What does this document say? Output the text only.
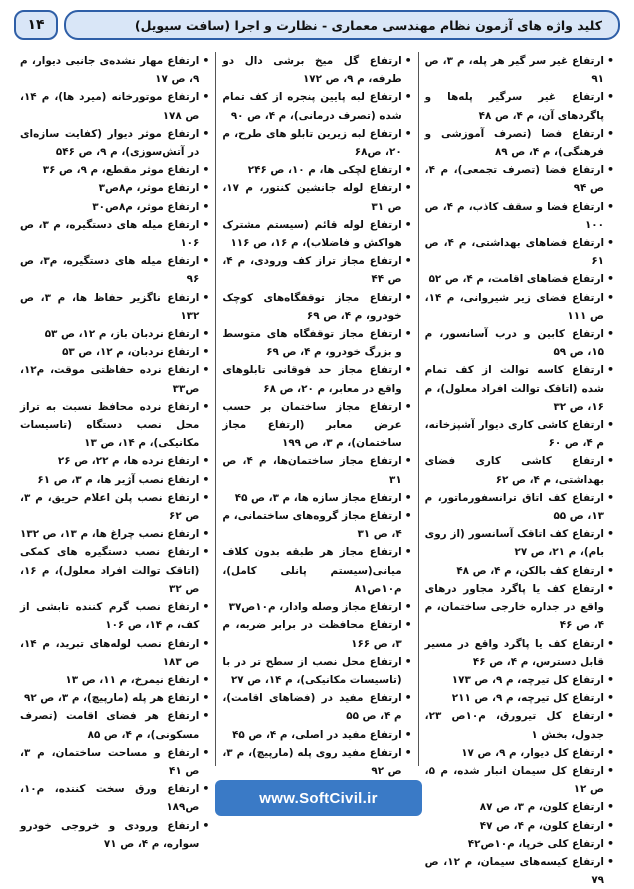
۱۴	کلید واژه های آزمون نظام مهندسی معماری - نظارت و اجرا (سافت سیویل)

• ارتفاع غیر سر گیر هر پله، م ۳، ص ۹۱

• ارتفاع غیر سرگیر پله‌ها و پاگردهای آن، م ۴، ص ۴۸

• ارتفاع فضا (تصرف آموزشی و فرهنگی)، م ۴، ص ۸۹

• ارتفاع فضا (تصرف تجمعی)، م ۴، ص ۹۴

• ارتفاع فضا و سقف کاذب، م ۴، ص ۱۰۰

• ارتفاع فضاهای بهداشتی، م ۴، ص ۶۱

• ارتفاع فضاهای اقامت، م ۴، ص ۵۲

• ارتفاع فضای زیر شیروانی، م ۱۴، ص ۱۱۱

• ارتفاع کابین و درب آسانسور، م ۱۵، ص ۵۹

• ارتفاع کاسه توالت از کف تمام شده (اتاقک توالت افراد معلول)، م ۱۶، ص ۳۲

• ارتفاع کاشی کاری دیوار آشپزخانه، م ۴، ص ۶۰

• ارتفاع کاشی کاری فضای بهداشتی، م ۴، ص ۶۲

• ارتفاع کف اتاق ترانسفورماتور، م ۱۳، ص ۵۵

• ارتفاع کف اتاقک آسانسور (از روی بام)، م ۲۱، ص ۲۷

• ارتفاع کف بالکن، م ۴، ص ۴۸

• ارتفاع کف یا پاگرد مجاور درهای واقع در جداره خارجی ساختمان، م ۴، ص ۴۶

• ارتفاع کف یا پاگرد واقع در مسیر قابل دسترس، م ۴، ص ۴۶

• ارتفاع کل تیرچه، م ۹، ص ۱۷۳

• ارتفاع کل تیرچه، م ۹، ص ۲۱۱

• ارتفاع کل تیرورق، م۱۰ص ۲۳، جدول، بخش ۱

• ارتفاع کل دیوار، م ۹، ص ۱۷

• ارتفاع کل سیمان انبار شده، م ۵، ص ۱۲

• ارتفاع کلون، م ۳، ص ۸۷

• ارتفاع کلون، م ۴، ص ۴۷

• ارتفاع کلی خرپا، م۱۰ص۴۲

• ارتفاع کیسه‌های سیمان، م ۱۲، ص ۷۹

• ارتفاع گل میخ برشی دال دو طرفه، م ۹، ص ۱۷۲

• ارتفاع لبه پایین پنجره از کف تمام شده (تصرف درمانی)، م ۴، ص ۹۰

• ارتفاع لبه زیرین تابلو های طرح، م ۲۰، ص۶۸

• ارتفاع لچکی ها، م ۱۰، ص ۲۴۶

• ارتفاع لوله جانشین کنتور، م ۱۷، ص ۳۱

• ارتفاع لوله قائم (سیستم مشترک هواکش و فاضلاب)، م ۱۶، ص ۱۱۶

• ارتفاع مجاز تراز کف ورودی، م ۴، ص ۴۴

• ارتفاع مجاز توقفگاه‌های کوچک خودرو، م ۴، ص ۶۹

• ارتفاع مجاز توقفگاه های متوسط و بزرگ خودرو، م ۴، ص ۶۹

• ارتفاع مجاز حد فوقانی تابلوهای واقع در معابر، م ۲۰، ص ۶۸

• ارتفاع مجاز ساختمان بر حسب عرض معابر (ارتفاع مجاز ساختمان)، م ۳، ص ۱۹۹

• ارتفاع مجاز ساختمان‌ها، م ۴، ص ۳۱

• ارتفاع مجاز سازه ها، م ۳، ص ۴۵

• ارتفاع مجاز گروه‌های ساختمانی، م ۴، ص ۳۱

• ارتفاع مجاز هر طبقه بدون کلاف میانی(سیستم پانلی کامل)، م۱۰ص۸۱

• ارتفاع مجاز وصله وادار، م۱۰ص۳۷

• ارتفاع محافظت در برابر ضربه، م ۳، ص ۱۶۶

• ارتفاع محل نصب از سطح تر در با (تاسیسات مکانیکی)، م ۱۴، ص ۲۷

• ارتفاع مفید در (فضاهای اقامت)، م ۴، ص ۵۵

• ارتفاع مفید در اصلی، م ۴، ص ۴۵

• ارتفاع مفید روی پله (مارپیچ)، م ۳، ص ۹۲

• ارتفاع مهار نشده‌ی جانبی دیوار، م ۹، ص ۱۷

• ارتفاع موتورخانه (میرد ها)، م ۱۴، ص ۱۷۸

• ارتفاع موثر دیوار (کفایت سازه‌ای در آتش‌سوزی)، م ۹، ص ۵۴۶

• ارتفاع موثر مقطع، م ۹، ص ۳۶

• ارتفاع موثر، م۸ص۳

• ارتفاع موثر، م۸ص۳۰

• ارتفاع میله های دستگیره، م ۳، ص ۱۰۶

• ارتفاع میله های دستگیره، م۳، ص ۹۶

• ارتفاع نا‌گزیر حفاظ ها، م ۳، ص ۱۳۲

• ارتفاع نردبان باز، م ۱۲، ص ۵۳

• ارتفاع نردبان، م ۱۲، ص ۵۳

• ارتفاع نرده حفاظتی موقت، م۱۲، ص۳۳

• ارتفاع نرده محافظ نسبت به تراز محل نصب دستگاه (تاسیسات مکانیکی)، م ۱۴، ص ۱۳

• ارتفاع نرده ها، م ۲۲، ص ۲۶

• ارتفاع نصب آژیر ها، م ۳، ص ۶۱

• ارتفاع نصب پلن اعلام حریق، م ۳، ص ۶۲

• ارتفاع نصب چراغ ها، م ۱۳، ص ۱۳۲

• ارتفاع نصب دستگیره های کمکی (اتاقک توالت افراد معلول)، م ۱۶، ص ۳۲

• ارتفاع نصب گرم کننده تابشی از کف، م ۱۴، ص ۱۰۶

• ارتفاع نصب لوله‌های تبرید، م ۱۴، ص ۱۸۳

• ارتفاع نیمرخ، م ۱۱، ص ۱۳

• ارتفاع هر پله (مارپیچ)، م ۳، ص ۹۲

• ارتفاع هر فضای اقامت (تصرف مسکونی)، م ۴، ص ۸۵

• ارتفاع و مساحت ساختمان، م ۳، ص ۴۱

• ارتفاع ورق سخت کننده، م۱۰، ص۱۸۹

• ارتفاع ورودی و خروجی خودرو سواره، م ۴، ص ۷۱

www.SoftCivil.ir
